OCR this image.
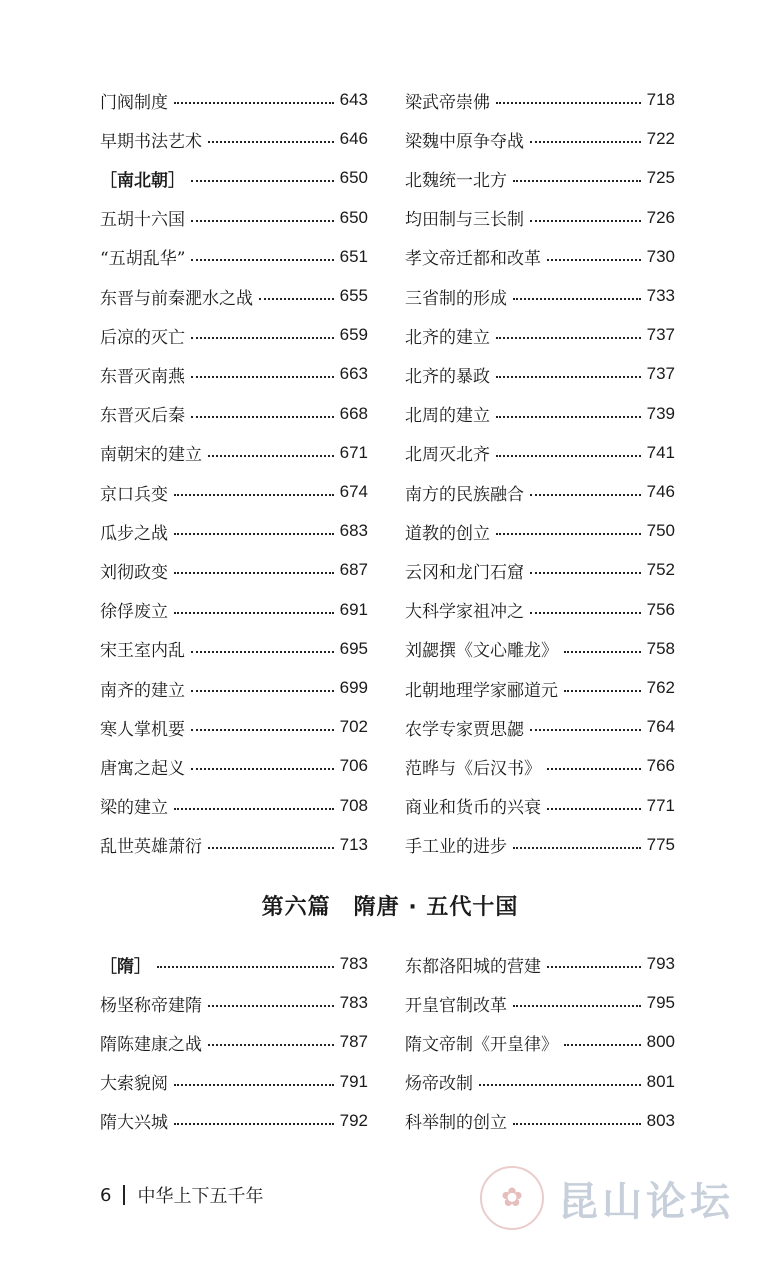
门阀制度	643
早期书法艺术	646
［南北朝］	650
五胡十六国	650
“五胡乱华”	651
东晋与前秦淝水之战	655
后凉的灭亡	659
东晋灭南燕	663
东晋灭后秦	668
南朝宋的建立	671
京口兵变	674
瓜步之战	683
刘彻政变	687
徐俘废立	691
宋王室内乱	695
南齐的建立	699
寒人掌机要	702
唐寓之起义	706
梁的建立	708
乱世英雄萧衍	713
梁武帝崇佛	718
梁魏中原争夺战	722
北魏统一北方	725
均田制与三长制	726
孝文帝迁都和改革	730
三省制的形成	733
北齐的建立	737
北齐的暴政	737
北周的建立	739
北周灭北齐	741
南方的民族融合	746
道教的创立	750
云冈和龙门石窟	752
大科学家祖冲之	756
刘勰撰《文心雕龙》	758
北朝地理学家郦道元	762
农学专家贾思勰	764
范晔与《后汉书》	766
商业和货币的兴衰	771
手工业的进步	775
第六篇　隋唐 · 五代十国
［隋］	783
杨坚称帝建隋	783
隋陈建康之战	787
大索貌阅	791
隋大兴城	792
东都洛阳城的营建	793
开皇官制改革	795
隋文帝制《开皇律》	800
炀帝改制	801
科举制的创立	803
6 中华上下五千年	✿ 昆山论坛
